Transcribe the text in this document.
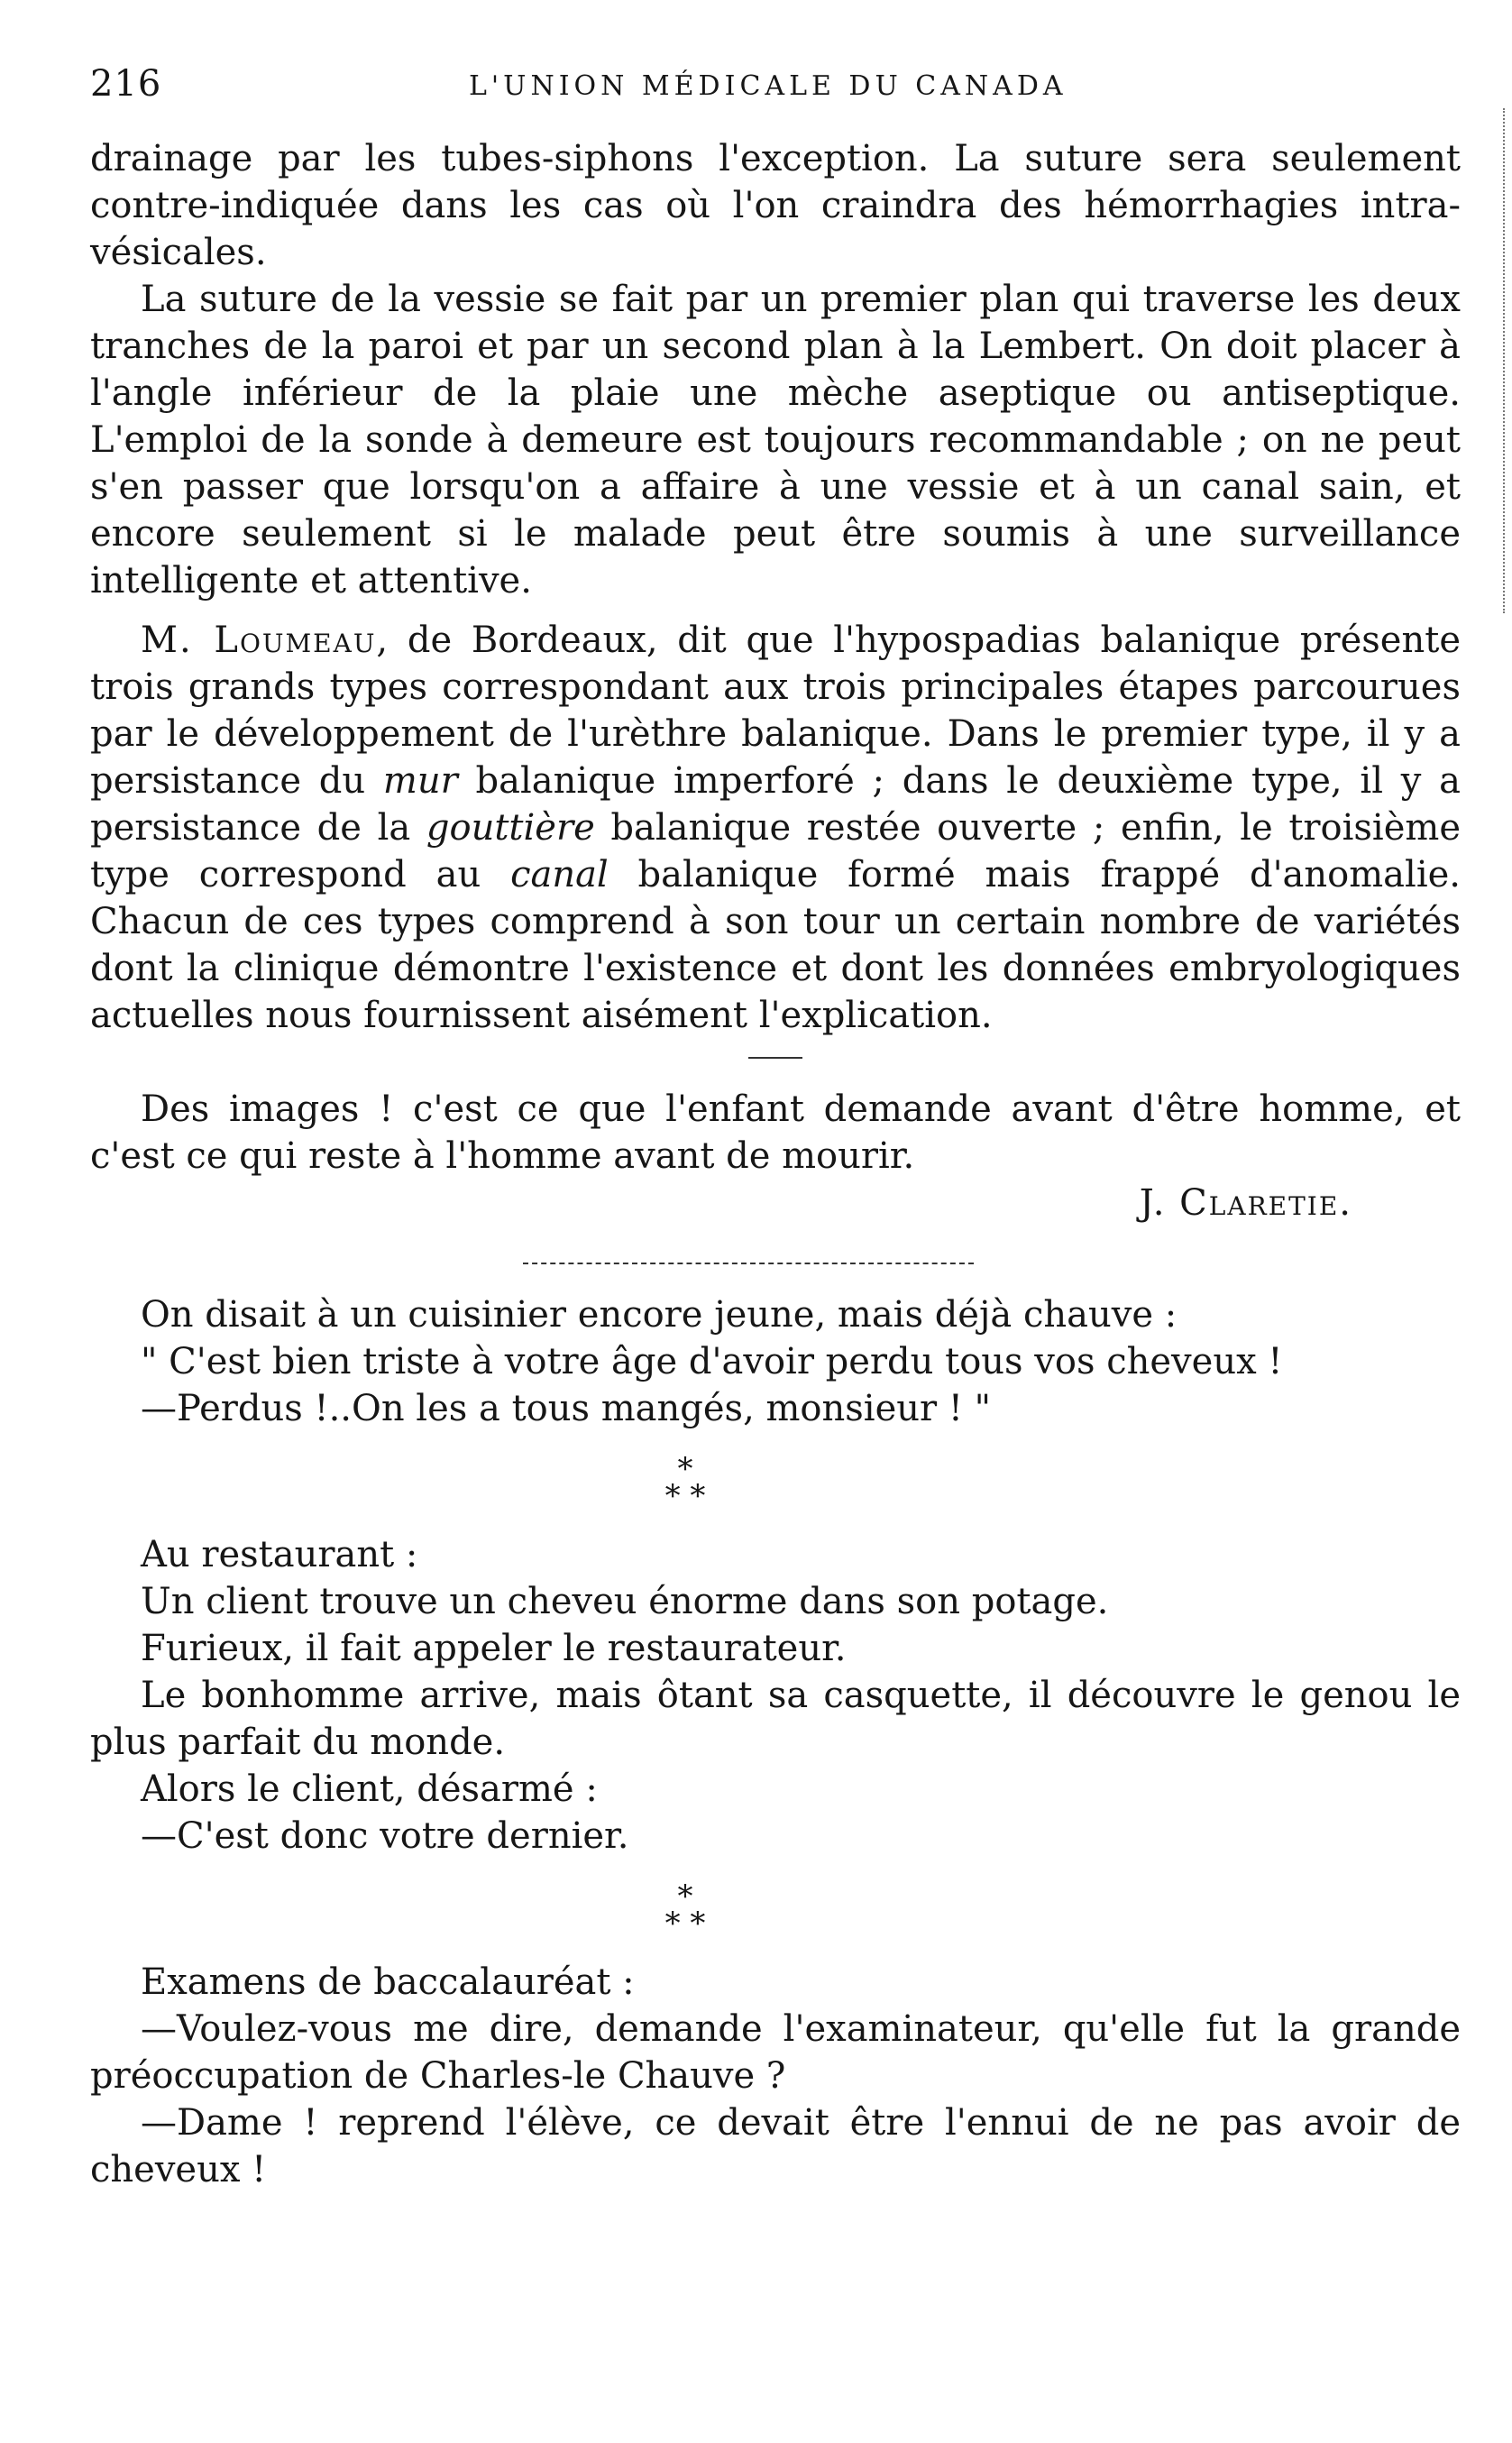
216	L'UNION MÉDICALE DU CANADA

drainage par les tubes-siphons l'exception. La suture sera seulement contre-indiquée dans les cas où l'on craindra des hémorrhagies intra-vésicales.

La suture de la vessie se fait par un premier plan qui traverse les deux tranches de la paroi et par un second plan à la Lembert. On doit placer à l'angle inférieur de la plaie une mèche aseptique ou antiseptique. L'emploi de la sonde à demeure est toujours recommandable ; on ne peut s'en passer que lorsqu'on a affaire à une vessie et à un canal sain, et encore seulement si le malade peut être soumis à une surveillance intelligente et attentive.

M. Loumeau, de Bordeaux, dit que l'hypospadias balanique présente trois grands types correspondant aux trois principales étapes parcourues par le développement de l'urèthre balanique. Dans le premier type, il y a persistance du mur balanique imperforé ; dans le deuxième type, il y a persistance de la gouttière balanique restée ouverte ; enfin, le troisième type correspond au canal balanique formé mais frappé d'anomalie. Chacun de ces types comprend à son tour un certain nombre de variétés dont la clinique démontre l'existence et dont les données embryologiques actuelles nous fournissent aisément l'explication.

Des images ! c'est ce que l'enfant demande avant d'être homme, et c'est ce qui reste à l'homme avant de mourir.

J. Claretie.

On disait à un cuisinier encore jeune, mais déjà chauve :

" C'est bien triste à votre âge d'avoir perdu tous vos cheveux !

—Perdus !..On les a tous mangés, monsieur ! "

*
* *

Au restaurant :

Un client trouve un cheveu énorme dans son potage.

Furieux, il fait appeler le restaurateur.

Le bonhomme arrive, mais ôtant sa casquette, il découvre le genou le plus parfait du monde.

Alors le client, désarmé :

—C'est donc votre dernier.

*
* *

Examens de baccalauréat :

—Voulez-vous me dire, demande l'examinateur, qu'elle fut la grande préoccupation de Charles-le Chauve ?

—Dame ! reprend l'élève, ce devait être l'ennui de ne pas avoir de cheveux !
